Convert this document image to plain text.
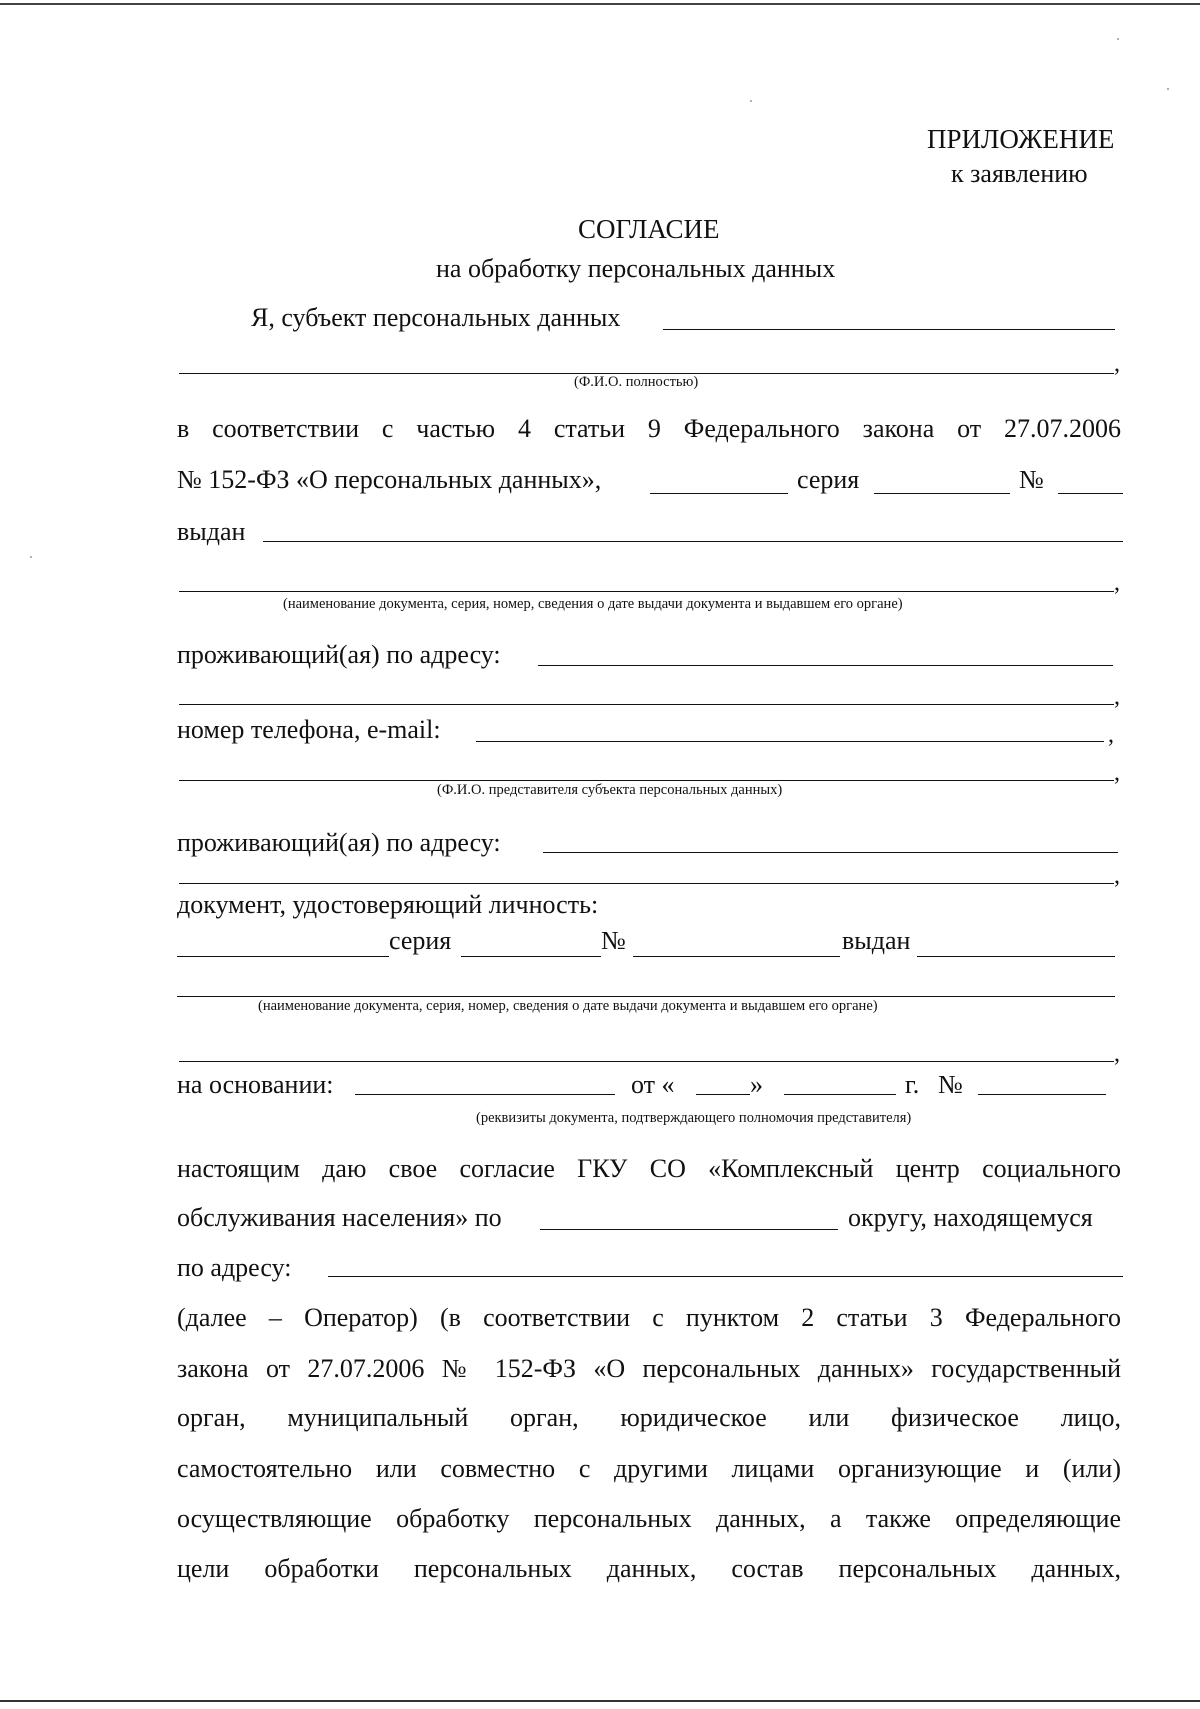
ПРИЛОЖЕНИЕ
к заявлению
СОГЛАСИЕ
на обработку персональных данных
Я, субъект персональных данных
,
(Ф.И.О. полностью)
в соответствии с частью 4 статьи 9 Федерального закона от 27.07.2006
№ 152-ФЗ «О персональных данных»,	серия	№
выдан
,
(наименование документа, серия, номер, сведения о дате выдачи документа и выдавшем его органе)
проживающий(ая) по адресу:
,
номер телефона, e-mail:	,
,
(Ф.И.О. представителя субъекта персональных данных)
проживающий(ая) по адресу:
,
документ, удостоверяющий личность:
серия	№	выдан
(наименование документа, серия, номер, сведения о дате выдачи документа и выдавшем его органе)
,
на основании:	от «	»	г. №
(реквизиты документа, подтверждающего полномочия представителя)
настоящим даю свое согласие ГКУ СО «Комплексный центр социального
обслуживания населения» по	округу, находящемуся
по адресу:
(далее – Оператор) (в соответствии с пунктом 2 статьи 3 Федерального
закона от 27.07.2006 № 152-ФЗ «О персональных данных» государственный
орган, муниципальный орган, юридическое или физическое лицо,
самостоятельно или совместно с другими лицами организующие и (или)
осуществляющие обработку персональных данных, а также определяющие
цели обработки персональных данных, состав персональных данных,
